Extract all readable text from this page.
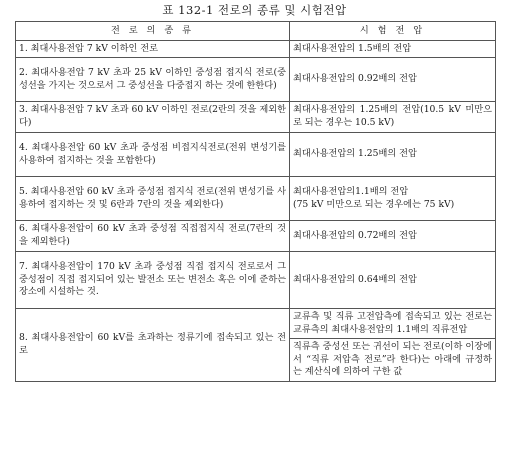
표 132-1 전로의 종류 및 시험전압
전 로 의 종 류	시 험 전 압
1. 최대사용전압 7 kV 이하인 전로	최대사용전압의 1.5배의 전압
2. 최대사용전압 7 kV 초과 25 kV 이하인 중성점 접지식 전로(중성선을 가지는 것으로서 그 중성선을 다중접지 하는 것에 한한다)	최대사용전압의 0.92배의 전압
3. 최대사용전압 7 kV 초과 60 kV 이하인 전로(2란의 것을 제외한다)	최대사용전압의 1.25배의 전압(10.5 kV 미만으로 되는 경우는 10.5 kV)
4. 최대사용전압 60 kV 초과 중성점 비접지식전로(전위 변성기를 사용하여 접지하는 것을 포함한다)	최대사용전압의 1.25배의 전압
5. 최대사용전압 60 kV 초과 중성점 접지식 전로(전위 변성기를 사용하여 접지하는 것 및 6란과 7란의 것을 제외한다)	최대사용전압의1.1배의 전압
(75 kV 미만으로 되는 경우에는 75 kV)

6. 최대사용전압이 60 kV 초과 중성점 직접접지식 전로(7란의 것을 제외한다)	최대사용전압의 0.72배의 전압
7. 최대사용전압이 170 kV 초과 중성점 직접 접지식 전로로서 그 중성점이 직접 접지되어 있는 발전소 또는 변전소 혹은 이에 준하는 장소에 시설하는 것.	최대사용전압의 0.64배의 전압
8. 최대사용전압이 60 kV를 초과하는 정류기에 접속되고 있는 전로	교류측 및 직류 고전압측에 접속되고 있는 전로는 교류측의 최대사용전압의 1.1배의 직류전압
직류측 중성선 또는 귀선이 되는 전로(이하 이장에서 “직류 저압측 전로”라 한다)는 아래에 규정하는 계산식에 의하여 구한 값
